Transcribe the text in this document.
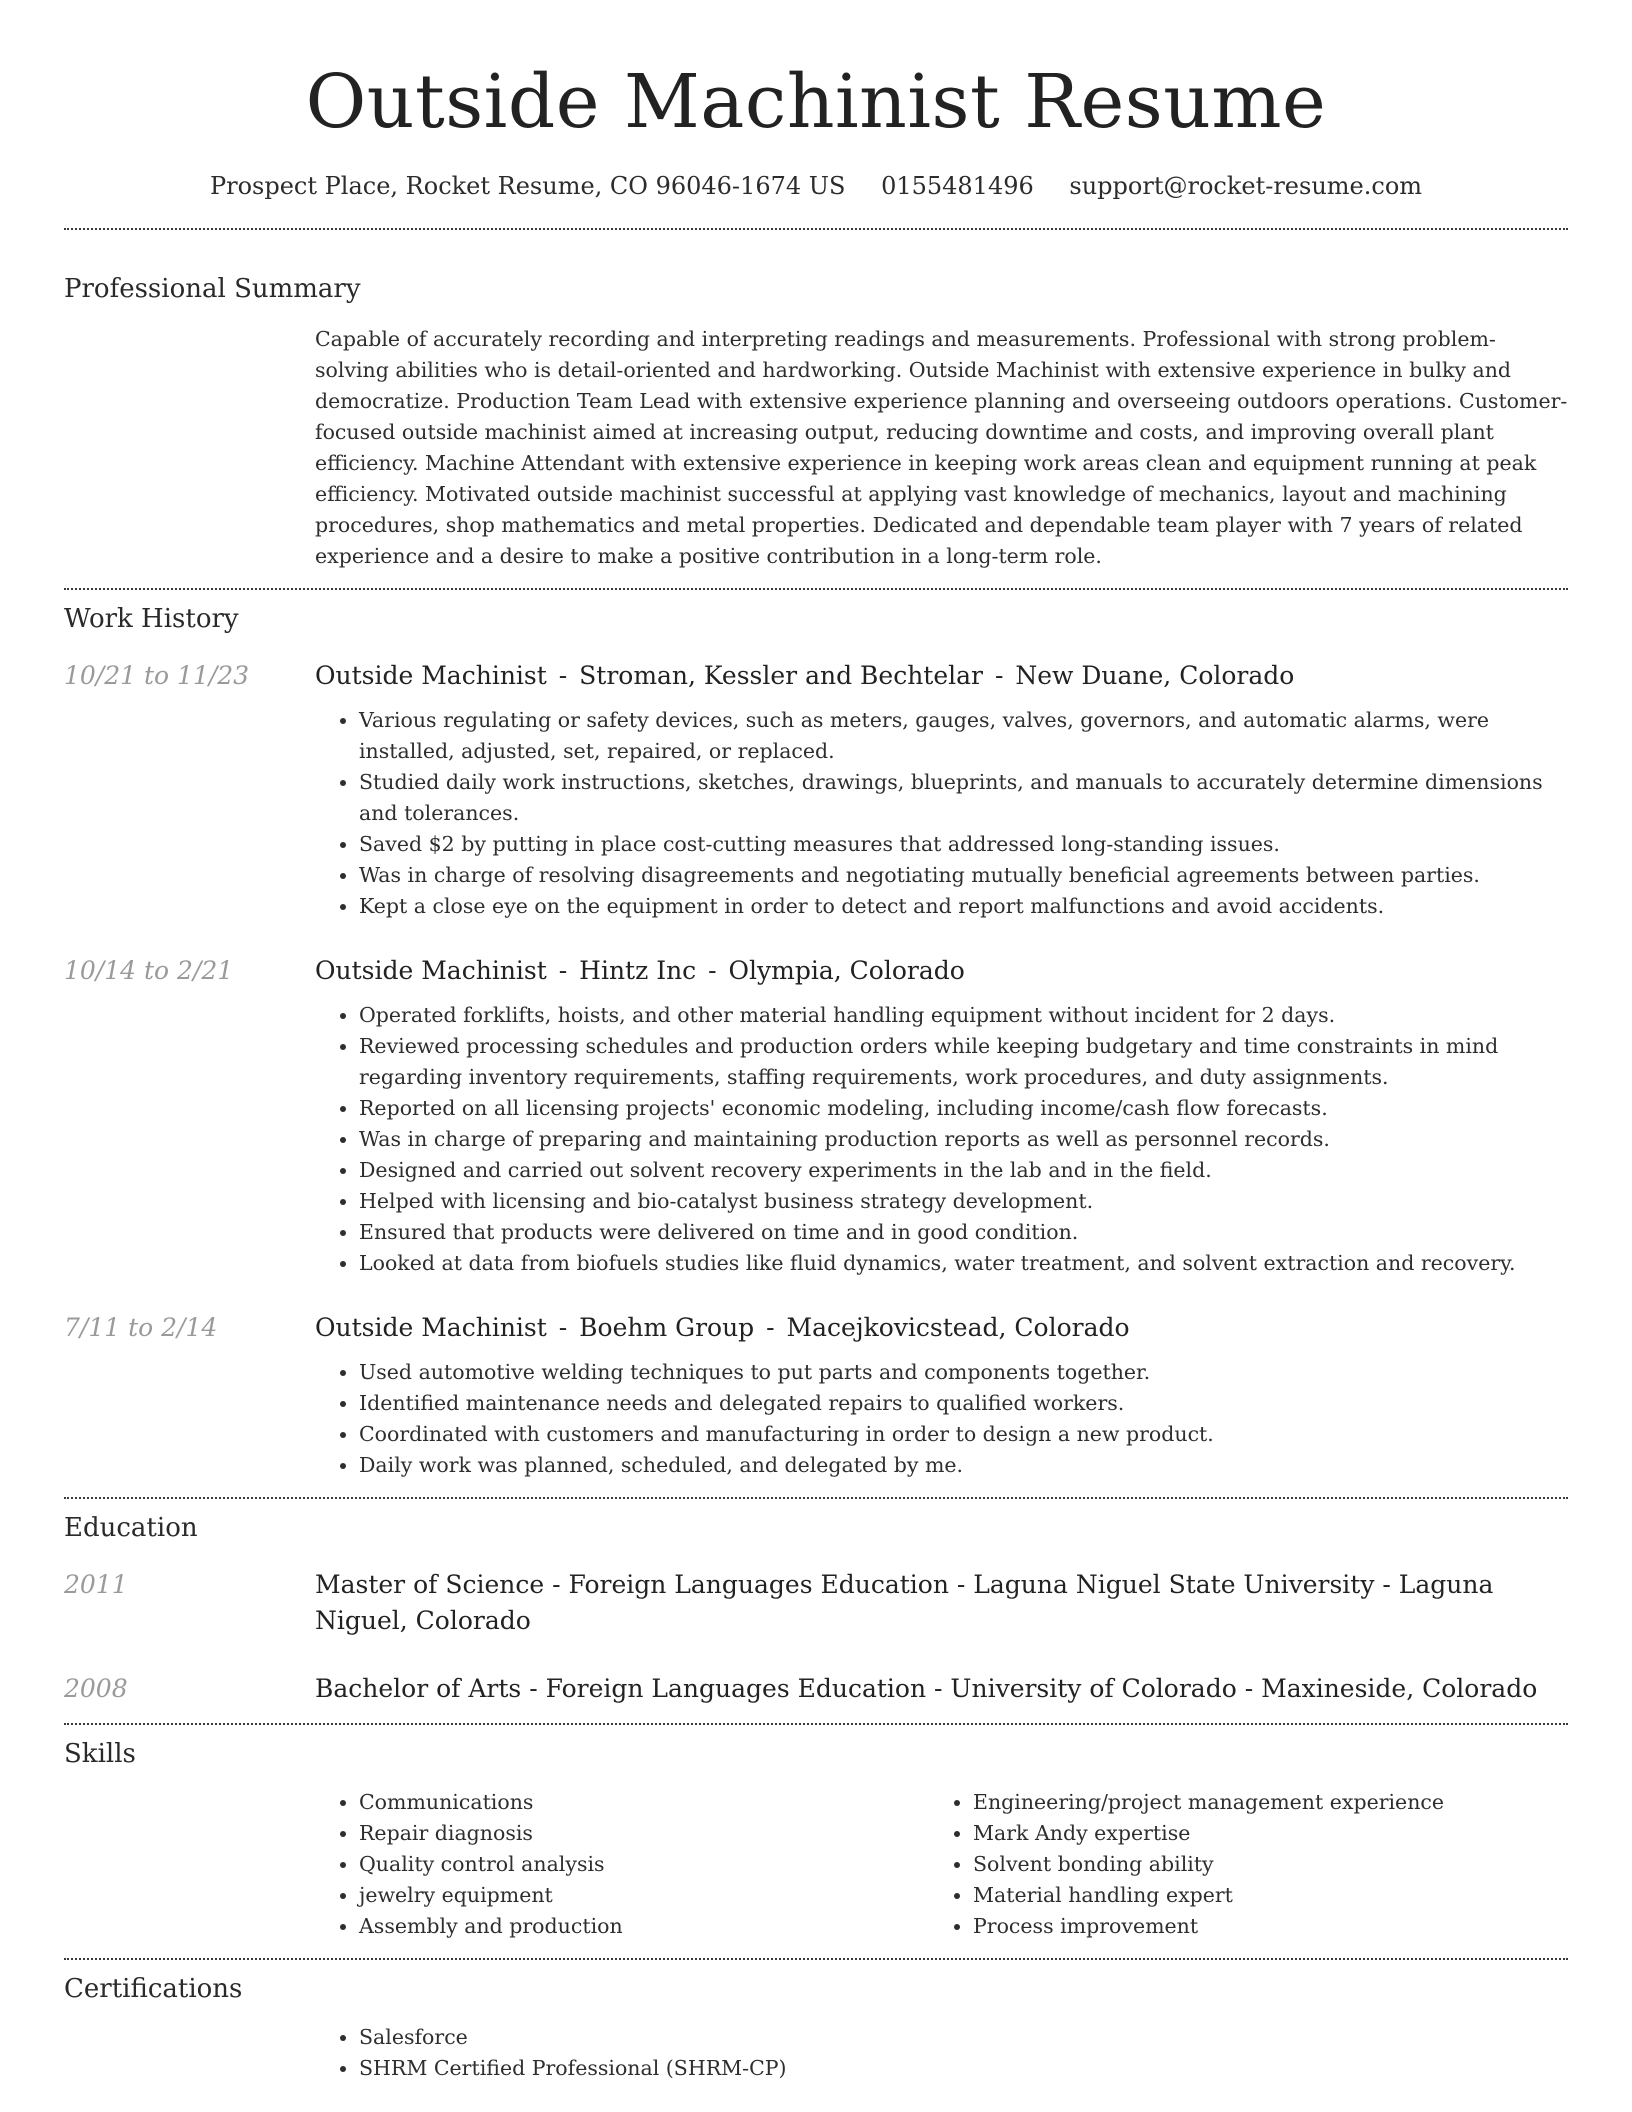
Outside Machinist Resume
Prospect Place, Rocket Resume, CO 96046-1674 US 0155481496 support@rocket-resume.com
Professional Summary

Capable of accurately recording and interpreting readings and measurements. Professional with strong problem-solving abilities who is detail-oriented and hardworking. Outside Machinist with extensive experience in bulky and democratize. Production Team Lead with extensive experience planning and overseeing outdoors operations. Customer-focused outside machinist aimed at increasing output, reducing downtime and costs, and improving overall plant efficiency. Machine Attendant with extensive experience in keeping work areas clean and equipment running at peak efficiency. Motivated outside machinist successful at applying vast knowledge of mechanics, layout and machining procedures, shop mathematics and metal properties. Dedicated and dependable team player with 7 years of related experience and a desire to make a positive contribution in a long-term role.

Work History
10/21 to 11/23	Outside Machinist - Stroman, Kessler and Bechtelar - New Duane, Colorado
• Various regulating or safety devices, such as meters, gauges, valves, governors, and automatic alarms, were installed, adjusted, set, repaired, or replaced.
• Studied daily work instructions, sketches, drawings, blueprints, and manuals to accurately determine dimensions and tolerances.
• Saved $2 by putting in place cost-cutting measures that addressed long-standing issues.
• Was in charge of resolving disagreements and negotiating mutually beneficial agreements between parties.
• Kept a close eye on the equipment in order to detect and report malfunctions and avoid accidents.
10/14 to 2/21	Outside Machinist - Hintz Inc - Olympia, Colorado
• Operated forklifts, hoists, and other material handling equipment without incident for 2 days.
• Reviewed processing schedules and production orders while keeping budgetary and time constraints in mind regarding inventory requirements, staffing requirements, work procedures, and duty assignments.
• Reported on all licensing projects' economic modeling, including income/cash flow forecasts.
• Was in charge of preparing and maintaining production reports as well as personnel records.
• Designed and carried out solvent recovery experiments in the lab and in the field.
• Helped with licensing and bio-catalyst business strategy development.
• Ensured that products were delivered on time and in good condition.
• Looked at data from biofuels studies like fluid dynamics, water treatment, and solvent extraction and recovery.
7/11 to 2/14	Outside Machinist - Boehm Group - Macejkovicstead, Colorado
• Used automotive welding techniques to put parts and components together.
• Identified maintenance needs and delegated repairs to qualified workers.
• Coordinated with customers and manufacturing in order to design a new product.
• Daily work was planned, scheduled, and delegated by me.
Education
2011	Master of Science - Foreign Languages Education - Laguna Niguel State University - Laguna Niguel, Colorado
2008	Bachelor of Arts - Foreign Languages Education - University of Colorado - Maxineside, Colorado
Skills
• Communications
• Repair diagnosis
• Quality control analysis
• jewelry equipment
• Assembly and production
• Engineering/project management experience
• Mark Andy expertise
• Solvent bonding ability
• Material handling expert
• Process improvement
Certifications
• Salesforce
• SHRM Certified Professional (SHRM-CP)
